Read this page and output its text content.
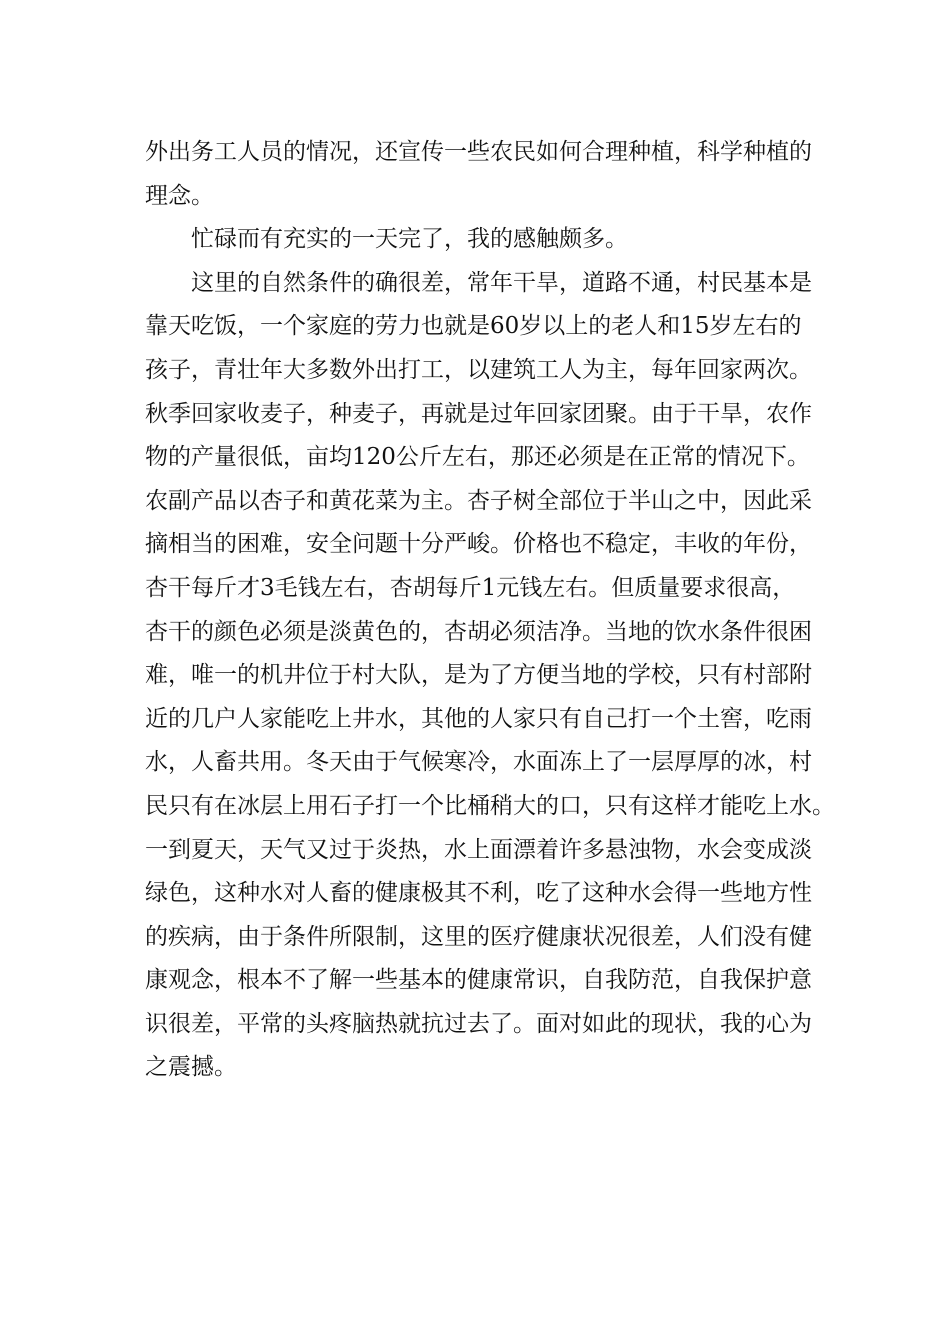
外出务工人员的情况，还宣传一些农民如何合理种植，科学种植的
理念。

忙碌而有充实的一天完了，我的感触颇多。

这里的自然条件的确很差，常年干旱，道路不通，村民基本是
靠天吃饭，一个家庭的劳力也就是60岁以上的老人和15岁左右的
孩子，青壮年大多数外出打工，以建筑工人为主，每年回家两次。
秋季回家收麦子，种麦子，再就是过年回家团聚。由于干旱，农作
物的产量很低，亩均120公斤左右，那还必须是在正常的情况下。
农副产品以杏子和黄花菜为主。杏子树全部位于半山之中，因此采
摘相当的困难，安全问题十分严峻。价格也不稳定，丰收的年份，
杏干每斤才3毛钱左右，杏胡每斤1元钱左右。但质量要求很高，
杏干的颜色必须是淡黄色的，杏胡必须洁净。当地的饮水条件很困
难，唯一的机井位于村大队，是为了方便当地的学校，只有村部附
近的几户人家能吃上井水，其他的人家只有自己打一个土窖，吃雨
水，人畜共用。冬天由于气候寒冷，水面冻上了一层厚厚的冰，村
民只有在冰层上用石子打一个比桶稍大的口，只有这样才能吃上水。
一到夏天，天气又过于炎热，水上面漂着许多悬浊物，水会变成淡
绿色，这种水对人畜的健康极其不利，吃了这种水会得一些地方性
的疾病，由于条件所限制，这里的医疗健康状况很差，人们没有健
康观念，根本不了解一些基本的健康常识，自我防范，自我保护意
识很差，平常的头疼脑热就抗过去了。面对如此的现状，我的心为
之震撼。
